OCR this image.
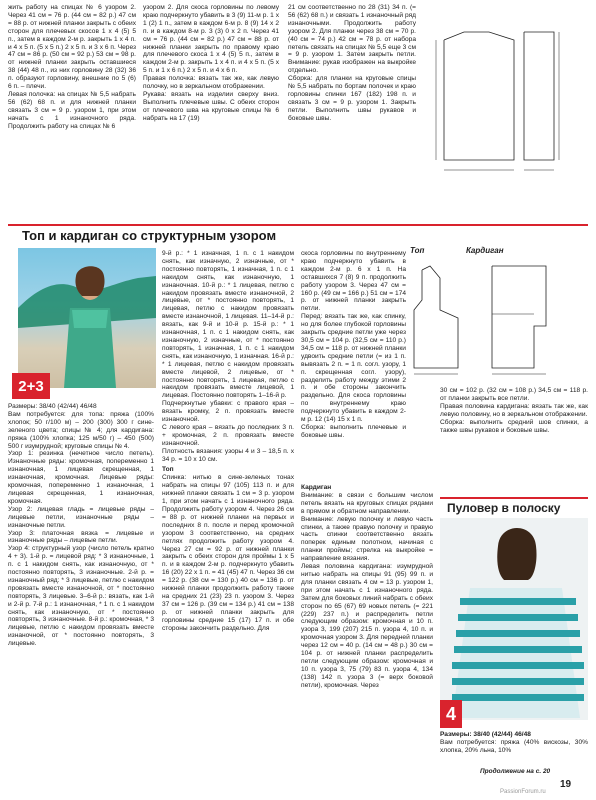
жить работу на спицах № 6 узором 2. Через 41 см = 76 р. (44 см = 82 р.) 47 см = 88 р. от нижней планки закрыть с обеих сторон для плечевых скосов 1 х 4 (5) 5 п., затем в каждом 2-м р. закрыть 1 х 4 п. и 4 х 5 п. (5 х 5 п.) 2 х 5 п. и 3 х 6 п. Через 47 см = 86 р. (50 см = 92 р.) 53 см = 98 р. от нижней планки закрыть оставшиеся 38 (44) 48 п., из них горловину 28 (32) 36 п. образуют горловину, внешние по 5 (6) 6 п. – плечи.

Левая полочка: на спицах № 5,5 набрать 56 (62) 68 п. и для нижней планки связать 3 см = 9 р. узором 1, при этом начать с 1 изнаночного ряда. Продолжить работу на спицах № 6

узором 2. Для скоса горловины по левому краю подчеркнуто убавить в 3 (9) 11-м р. 1 х 1 (2) 1 п., затем в каждом 6-м р. 8 (9) 14 х 2 п. и в каждом 8-м р. 3 (3) 0 х 2 п. Через 41 см = 76 р. (44 см = 82 р.) 47 см = 88 р. от нижней планки закрыть по правому краю для плечевого скоса 1 х 4 (5) 5 п., затем в каждом 2-м р. закрыть 1 х 4 п. и 4 х 5 п. (5 х 5 п. и 1 х 6 п.) 2 х 5 п. и 4 х 6 п.

Правая полочка: вязать так же, как левую полочку, но в зеркальном отображении.

Рукава: вязать на изделии сверху вниз. Выполнить плечевые швы. С обеих сторон от плечевого шва на круговые спицы № 6 набрать на 17 (19)

21 см соответственно по 28 (31) 34 п. (= 56 (62) 68 п.) и связать 1 изнаночный ряд изнаночными. Продолжить работу узором 2. Для планки через 38 см = 70 р. (40 см = 74 р.) 42 см = 78 р. от набора петель связать на спицах № 5,5 еще 3 см = 9 р. узором 1. Затем закрыть петли. Внимание: рукав изображен на выкройке отдельно.

Сборка: для планки на круговые спицы № 5,5 набрать по бортам полочек и краю горловины спинки 167 (182) 198 п. и связать 3 см = 9 р. узором 1. Закрыть петли. Выполнить швы рукавов и боковые швы.

Топ и кардиган со структурным узором
2+3

Размеры: 38/40 (42/44) 46/48

Вам потребуется: для топа: пряжа (100% хлопок; 50 г/100 м) – 200 (300) 300 г сине-зеленого цвета; спицы № 4; для кардигана: пряжа (100% хлопка; 125 м/50 г) – 450 (500) 500 г изумрудной; круговые спицы № 4.

Узор 1: резинка (нечетное число петель). Изнаночные ряды: кромочная, попеременно 1 изнаночная, 1 лицевая скрещенная, 1 изнаночная, кромочная. Лицевые ряды: кромочная, попеременно 1 изнаночная, 1 лицевая скрещенная, 1 изнаночная, кромочная.

Узор 2: лицевая гладь = лицевые ряды – лицевые петли, изнаночные ряды – изнаночные петли.

Узор 3: платочная вязка = лицевые и изнаночные ряды – лицевые петли.

Узор 4: структурный узор (число петель кратно 4 + 3). 1-й р. = лицевой ряд: * 3 изнаночные, 1 п. с 1 накидом снять, как изнаночную, от * постоянно повторять, 3 изнаночные. 2-й р. = изнаночный ряд: * 3 лицевые, петлю с накидом провязать вместе изнаночной, от * постоянно повторять, 3 лицевые. 3–6-й р.: вязать, как 1-й и 2-й р. 7-й р.: 1 изнаночная, * 1 п. с 1 накидом снять, как изнаночную, от * постоянно повторять, 3 изнаночные. 8-й р.: кромочная, * 3 лицевые, петлю с накидом провязать вместе изнаночной, от * постоянно повторять, 3 лицевые.

9-й р.: * 1 изначная, 1 п. с 1 накидом снять, как изначную, 2 изначные, от * постоянно повторять, 1 изначная, 1 п. с 1 накидом снять, как изнаночную, 1 изнаночная. 10-й р.: * 1 лицевая, петлю с накидом провязать вместе изнаночной, 2 лицевые, от * постоянно повторять, 1 лицевая, петлю с накидом провязать вместе изнаночной, 1 лицевая. 11–14-й р.: вязать, как 9-й и 10-й р. 15-й р.: * 1 изнаночная, 1 п. с 1 накидом снять, как изнаночную, 2 изначные, от * постоянно повторять, 1 изначная, 1 п. с 1 накидом снять, как изнаночную, 1 изначная. 16-й р.: * 1 лицевая, петлю с накидом провязать вместе лицевой, 2 лицевые, от * постоянно повторять, 1 лицевая, петлю с накидом провязать вместе лицевой, 1 лицевая. Постоянно повторять 1–16-й р.

Подчеркнутые убавки: с правого края – вязать кромку, 2 п. провязать вместе изнаночной.

С левого края – вязать до последних 3 п. + кромочная, 2 п. провязать вместе изнаночной.

Плотность вязания: узоры 4 и 3 – 18,5 п. х 34 р. = 10 х 10 см.

Топ

Спинка: нитью в сине-зеленых тонах набрать на спицы 97 (105) 113 п. и для нижней планки связать 1 см = 3 р. узором 1, при этом начать с 1 изнаночного ряда. Продолжить работу узором 4. Через 26 см = 88 р. от нижней планки на первых и последних 8 п. после и перед кромочной узором 3 соответственно, на средних петлях продолжить работу узором 4. Через 27 см = 92 р. от нижней планки закрыть с обеих сторон для проймы 1 х 5 п. и в каждом 2-м р. подчеркнуто убавить 16 (20) 22 х 1 п. = 41 (45) 47 п. Через 36 см = 122 р. (38 см = 130 р.) 40 см = 136 р. от нижней планки продолжить работу также на средних 21 (23) 23 п. узором 3. Через 37 см = 126 р. (39 см = 134 р.) 41 см = 138 р. от нижней планки закрыть для горловины средние 15 (17) 17 п. и обе стороны закончить раздельно. Для

скоса горловины по внутреннему краю подчеркнуто убавить в каждом 2-м р. 6 х 1 п. На оставшихся 7 (8) 9 п. продолжить работу узором 3. Через 47 см = 160 р. (49 см = 166 р.) 51 см = 174 р. от нижней планки закрыть петли.

Перед: вязать так же, как спинку, но для более глубокой горловины закрыть средние петли уже через 30,5 см = 104 р. (32,5 см = 110 р.) 34,5 см = 118 р. от нижней планки удвоить средние петли (= из 1 п. вывязать 2 п. = 1 п. согл. узору, 1 п. скрещенная согл. узору), разделить работу между этими 2 п. и обе стороны закончить раздельно. Для скоса горловины по внутреннему краю подчеркнуто убавить в каждом 2-м р. 12 (14) 15 х 1 п.

Сборка: выполнить плечевые и боковые швы.

Топ	Кардиган

Кардиган

Внимание: в связи с большим числом петель вязать на круговых спицах рядами в прямом и обратном направлении.

Внимание: левую полочку и левую часть спинки, а также правую полочку и правую часть спинки соответственно вязать поперек единым полотном, начиная с планки проймы; стрелка на выкройке = направление вязания.

Левая половина кардигана: изумрудной нитью набрать на спицы 91 (95) 99 п. и для планки связать 4 см = 13 р. узором 1, при этом начать с 1 изнаночного ряда. Затем для боковых линий набрать с обеих сторон по 65 (67) 69 новых петель (= 221 (229) 237 п.) и распределить петли следующим образом: кромочная и 10 п. узора 3, 199 (207) 215 п. узора 4, 10 п. и кромочная узором 3. Для передней планки через 12 см = 40 р. (14 см = 48 р.) 30 см = 104 р. от нижней планки распределить петли следующим образом: кромочная и 10 п. узора 3, 75 (79) 83 п. узора 4, 134 (138) 142 п. узора 3 (= верх боковой петли), кромочная. Через

30 см = 102 р. (32 см = 108 р.) 34,5 см = 118 р. от планки закрыть все петли.

Правая половина кардигана: вязать так же, как левую половину, но в зеркальном отображении.

Сборка: выполнить средний шов спинки, а также швы рукавов и боковые швы.

Пуловер в полоску
4

Размеры: 38/40 (42/44) 46/48

Вам потребуется: пряжа (40% вискозы, 30% хлопка, 20% льна, 10%

Продолжение на с. 20
19
PassionForum.ru
